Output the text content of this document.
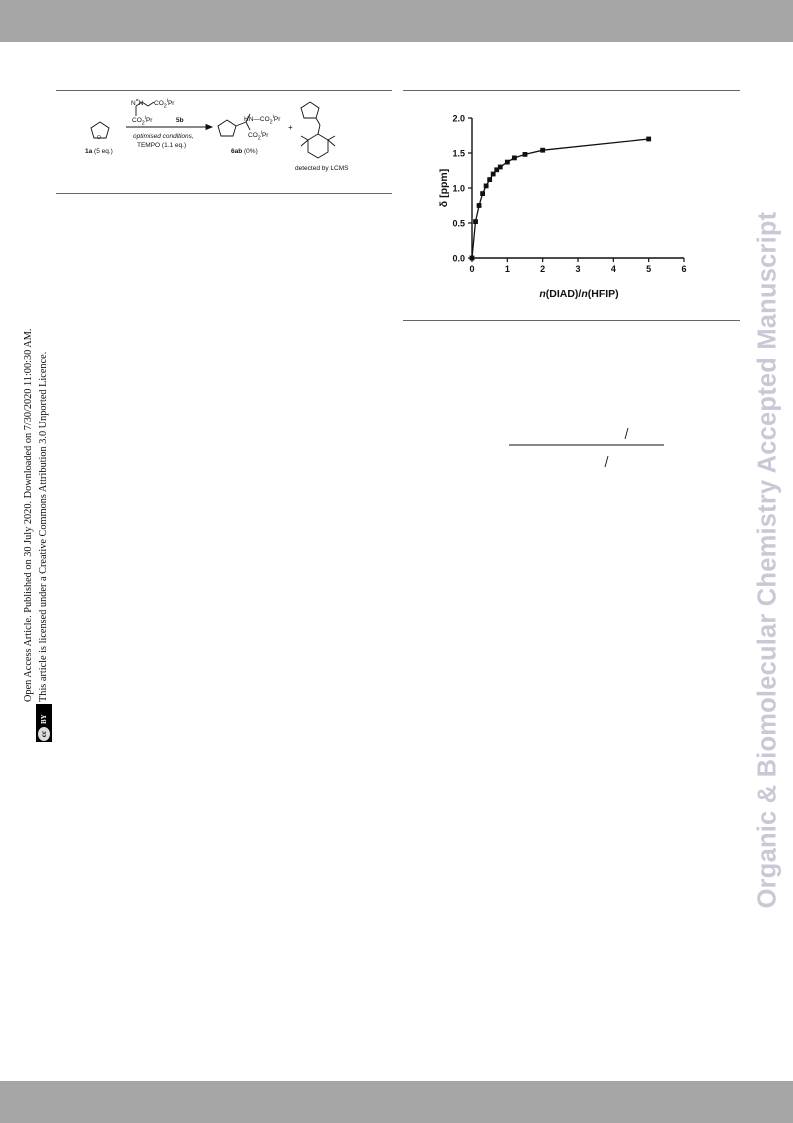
Organic & Biomolecular Chemistry Accepted Manuscript
Open Access Article. Published on 30 July 2020. Downloaded on 7/30/2020 11:00:30 AM.
cc
BY
This article is licensed under a Creative Commons Attribution 3.0 Unported Licence.
N=N $CO_2^iPr$
$CO_2^iPr$	5b
O
1a (5 eq.)
optimised conditions,
TEMPO (1.1 eq.)
$HN—CO_2^iPr$
$CO_2^iPr$
6ab (0%)
+
detected by LCMS
0	1	2	3	4	5	6
0.0
0.5
1.0
1.5
2.0
n(DIAD)/n(HFIP)
δ [ppm]
